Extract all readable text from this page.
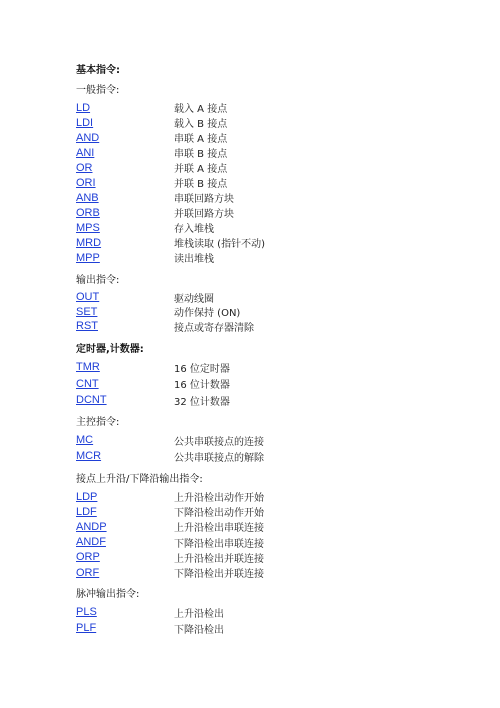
基本指令:
一般指令:
LD	载入 A 接点
LDI	载入 B 接点
AND	串联 A 接点
ANI	串联 B 接点
OR	并联 A 接点
ORI	并联 B 接点
ANB	串联回路方块
ORB	并联回路方块
MPS	存入堆栈
MRD	堆栈读取 (指针不动)
MPP	读出堆栈
输出指令:
OUT	驱动线圈
SET	动作保持 (ON)
RST	接点或寄存器清除
定时器,计数器:
TMR	16 位定时器
CNT	16 位计数器
DCNT	32 位计数器
主控指令:
MC	公共串联接点的连接
MCR	公共串联接点的解除
接点上升沿/下降沿输出指令:
LDP	上升沿检出动作开始
LDF	下降沿检出动作开始
ANDP	上升沿检出串联连接
ANDF	下降沿检出串联连接
ORP	上升沿检出并联连接
ORF	下降沿检出并联连接
脉冲输出指令:
PLS	上升沿检出
PLF	下降沿检出
